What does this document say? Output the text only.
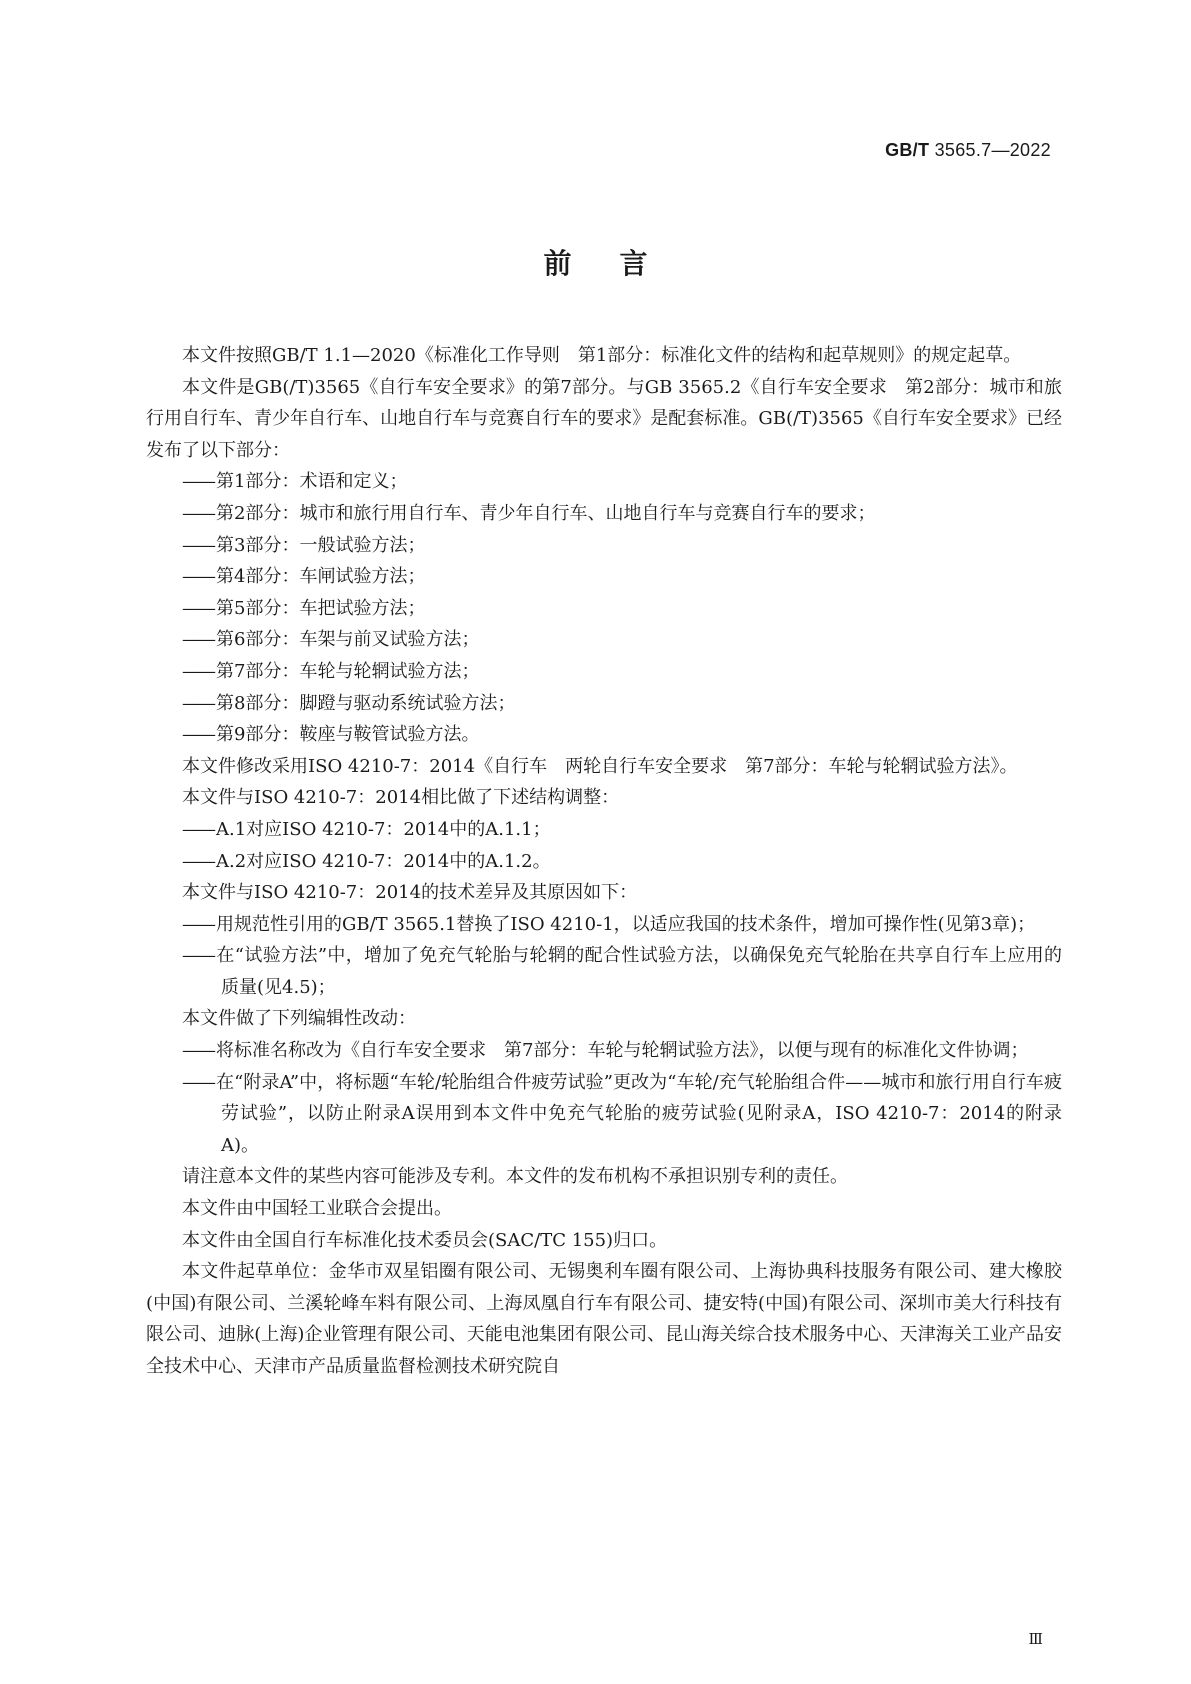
GB/T 3565.7—2022
前言

本文件按照GB/T 1.1—2020《标准化工作导则　第1部分：标准化文件的结构和起草规则》的规定起草。

本文件是GB(/T)3565《自行车安全要求》的第7部分。与GB 3565.2《自行车安全要求　第2部分：城市和旅行用自行车、青少年自行车、山地自行车与竞赛自行车的要求》是配套标准。GB(/T)3565《自行车安全要求》已经发布了以下部分：

—— 第1部分：术语和定义；

—— 第2部分：城市和旅行用自行车、青少年自行车、山地自行车与竞赛自行车的要求；

—— 第3部分：一般试验方法；

—— 第4部分：车闸试验方法；

—— 第5部分：车把试验方法；

—— 第6部分：车架与前叉试验方法；

—— 第7部分：车轮与轮辋试验方法；

—— 第8部分：脚蹬与驱动系统试验方法；

—— 第9部分：鞍座与鞍管试验方法。

本文件修改采用ISO 4210-7：2014《自行车　两轮自行车安全要求　第7部分：车轮与轮辋试验方法》。

本文件与ISO 4210-7：2014相比做了下述结构调整：

—— A.1对应ISO 4210-7：2014中的A.1.1；

—— A.2对应ISO 4210-7：2014中的A.1.2。

本文件与ISO 4210-7：2014的技术差异及其原因如下：

—— 用规范性引用的GB/T 3565.1替换了ISO 4210-1，以适应我国的技术条件，增加可操作性(见第3章)；

—— 在“试验方法”中，增加了免充气轮胎与轮辋的配合性试验方法，以确保免充气轮胎在共享自行车上应用的质量(见4.5)；

本文件做了下列编辑性改动：

—— 将标准名称改为《自行车安全要求　第7部分：车轮与轮辋试验方法》，以便与现有的标准化文件协调；

—— 在“附录A”中，将标题“车轮/轮胎组合件疲劳试验”更改为“车轮/充气轮胎组合件——城市和旅行用自行车疲劳试验”，以防止附录A误用到本文件中免充气轮胎的疲劳试验(见附录A，ISO 4210-7：2014的附录A)。

请注意本文件的某些内容可能涉及专利。本文件的发布机构不承担识别专利的责任。

本文件由中国轻工业联合会提出。

本文件由全国自行车标准化技术委员会(SAC/TC 155)归口。

本文件起草单位：金华市双星铝圈有限公司、无锡奥利车圈有限公司、上海协典科技服务有限公司、建大橡胶(中国)有限公司、兰溪轮峰车料有限公司、上海凤凰自行车有限公司、捷安特(中国)有限公司、深圳市美大行科技有限公司、迪脉(上海)企业管理有限公司、天能电池集团有限公司、昆山海关综合技术服务中心、天津海关工业产品安全技术中心、天津市产品质量监督检测技术研究院自

Ⅲ
